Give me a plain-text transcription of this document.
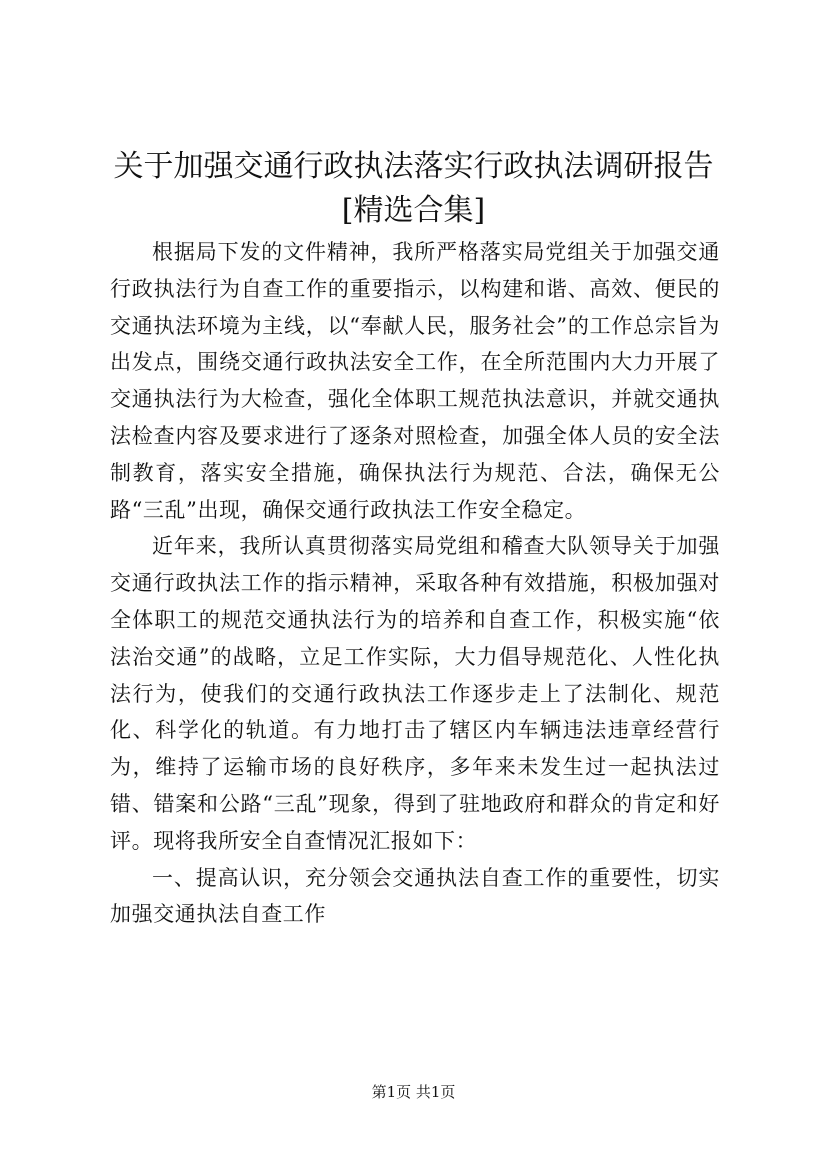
关于加强交通行政执法落实行政执法调研报告
[精选合集]

根据局下发的文件精神，我所严格落实局党组关于加强交通行政执法行为自查工作的重要指示，以构建和谐、高效、便民的交通执法环境为主线，以“奉献人民，服务社会”的工作总宗旨为出发点，围绕交通行政执法安全工作，在全所范围内大力开展了交通执法行为大检查，强化全体职工规范执法意识，并就交通执法检查内容及要求进行了逐条对照检查，加强全体人员的安全法制教育，落实安全措施，确保执法行为规范、合法，确保无公路“三乱”出现，确保交通行政执法工作安全稳定。

近年来，我所认真贯彻落实局党组和稽查大队领导关于加强交通行政执法工作的指示精神，采取各种有效措施，积极加强对全体职工的规范交通执法行为的培养和自查工作，积极实施“依法治交通”的战略，立足工作实际，大力倡导规范化、人性化执法行为，使我们的交通行政执法工作逐步走上了法制化、规范化、科学化的轨道。有力地打击了辖区内车辆违法违章经营行为，维持了运输市场的良好秩序，多年来未发生过一起执法过错、错案和公路“三乱”现象，得到了驻地政府和群众的肯定和好评。现将我所安全自查情况汇报如下：

一、提高认识，充分领会交通执法自查工作的重要性，切实加强交通执法自查工作

第1页 共1页
